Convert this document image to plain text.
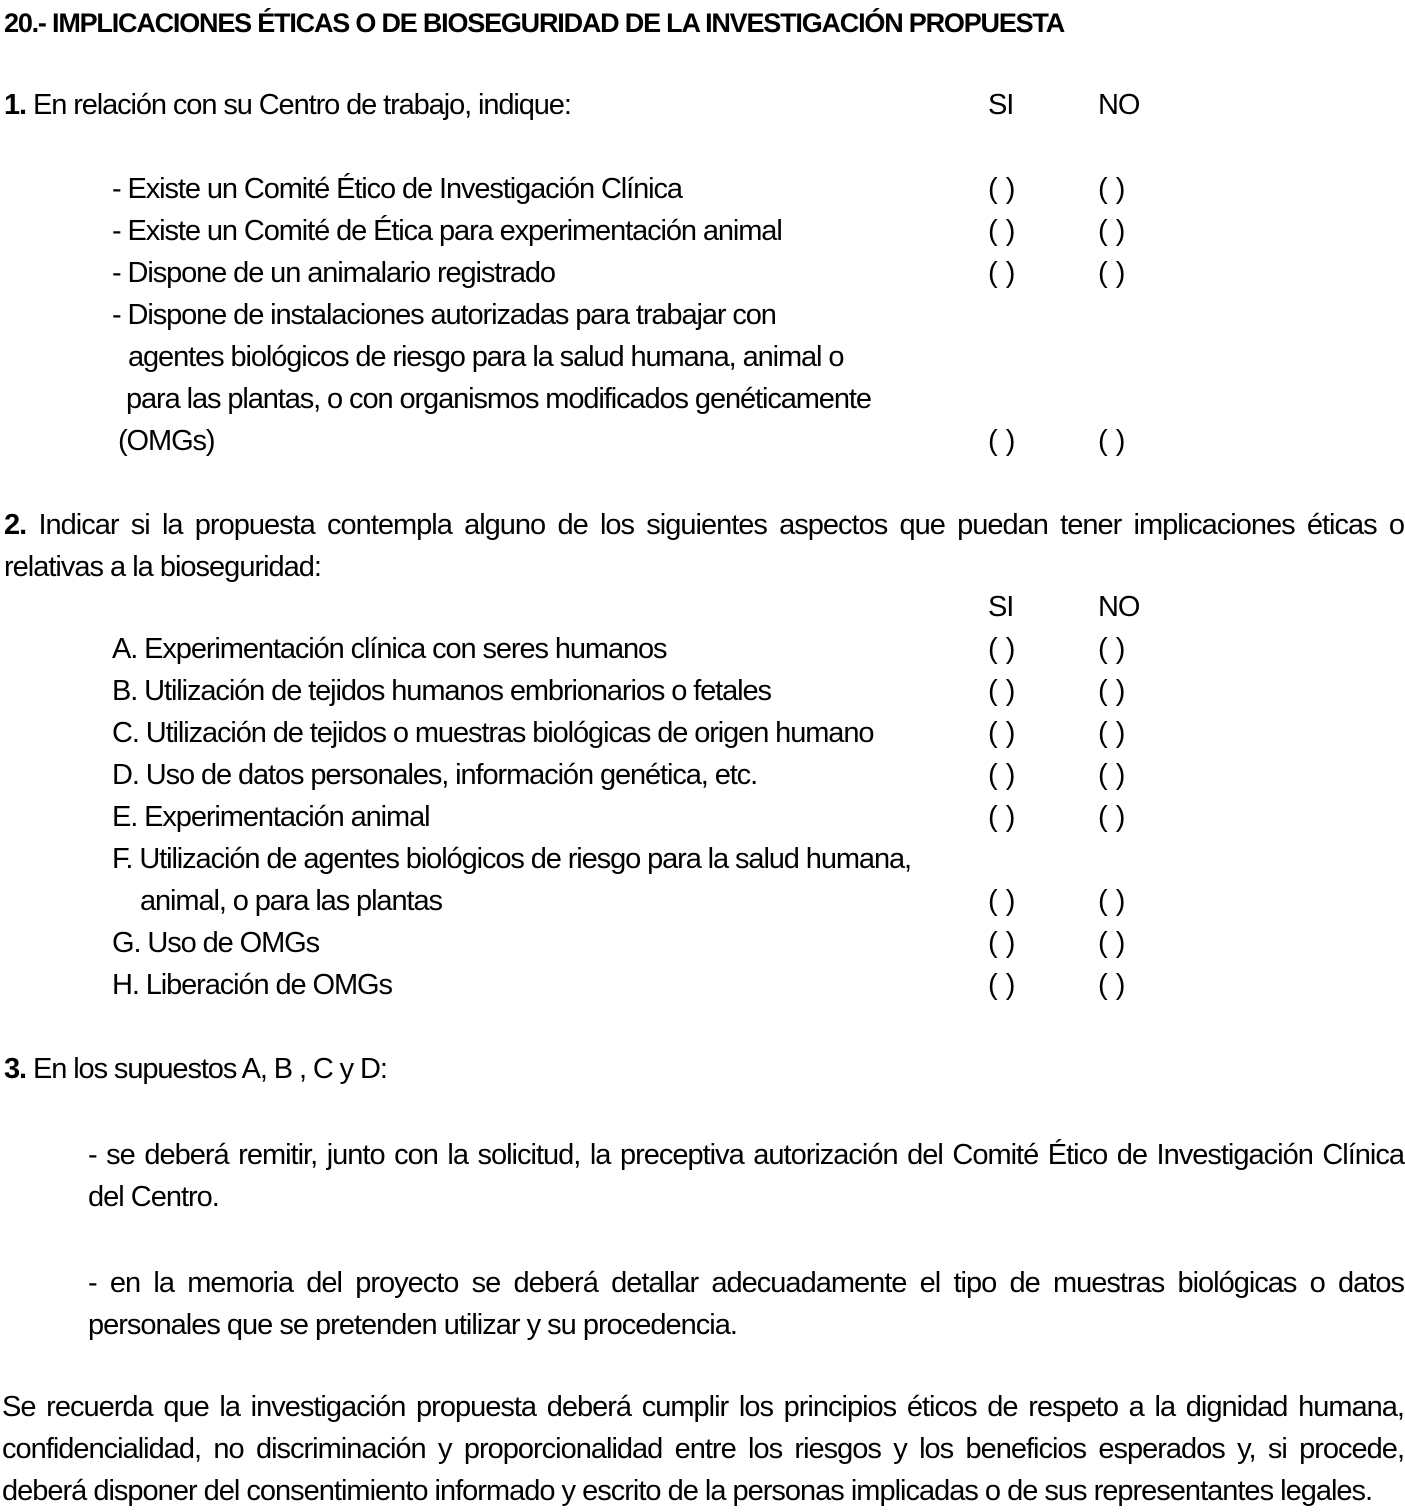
20.- IMPLICACIONES ÉTICAS O DE BIOSEGURIDAD DE LA INVESTIGACIÓN PROPUESTA
1. En relación con su Centro de trabajo, indique:	SI	NO
- Existe un Comité Ético de Investigación Clínica	( )	( )
- Existe un Comité de Ética para experimentación animal	( )	( )
- Dispone de un animalario registrado	( )	( )
- Dispone de instalaciones autorizadas para trabajar con
agentes biológicos de riesgo para la salud humana, animal o
para las plantas, o con organismos modificados genéticamente
(OMGs)	( )	( )
2. Indicar si la propuesta contempla alguno de los siguientes aspectos que puedan tener implicaciones éticas o relativas a la bioseguridad:
SI	NO
A. Experimentación clínica con seres humanos	( )	( )
B. Utilización de tejidos humanos embrionarios o fetales	( )	( )
C. Utilización de tejidos o muestras biológicas de origen humano	( )	( )
D. Uso de datos personales, información genética, etc.	( )	( )
E. Experimentación animal	( )	( )
F. Utilización de agentes biológicos de riesgo para la salud humana,
animal, o para las plantas	( )	( )
G. Uso de OMGs	( )	( )
H. Liberación de OMGs	( )	( )
3. En los supuestos A, B , C y D:
- se deberá remitir, junto con la solicitud, la preceptiva autorización del Comité Ético de Investigación Clínica del Centro.
- en la memoria del proyecto se deberá detallar adecuadamente el tipo de muestras biológicas o datos personales que se pretenden utilizar y su procedencia.
Se recuerda que la investigación propuesta deberá cumplir los principios éticos de respeto a la dignidad humana, confidencialidad, no discriminación y proporcionalidad entre los riesgos y los beneficios esperados y, si procede, deberá disponer del consentimiento informado y escrito de la personas implicadas o de sus representantes legales.
